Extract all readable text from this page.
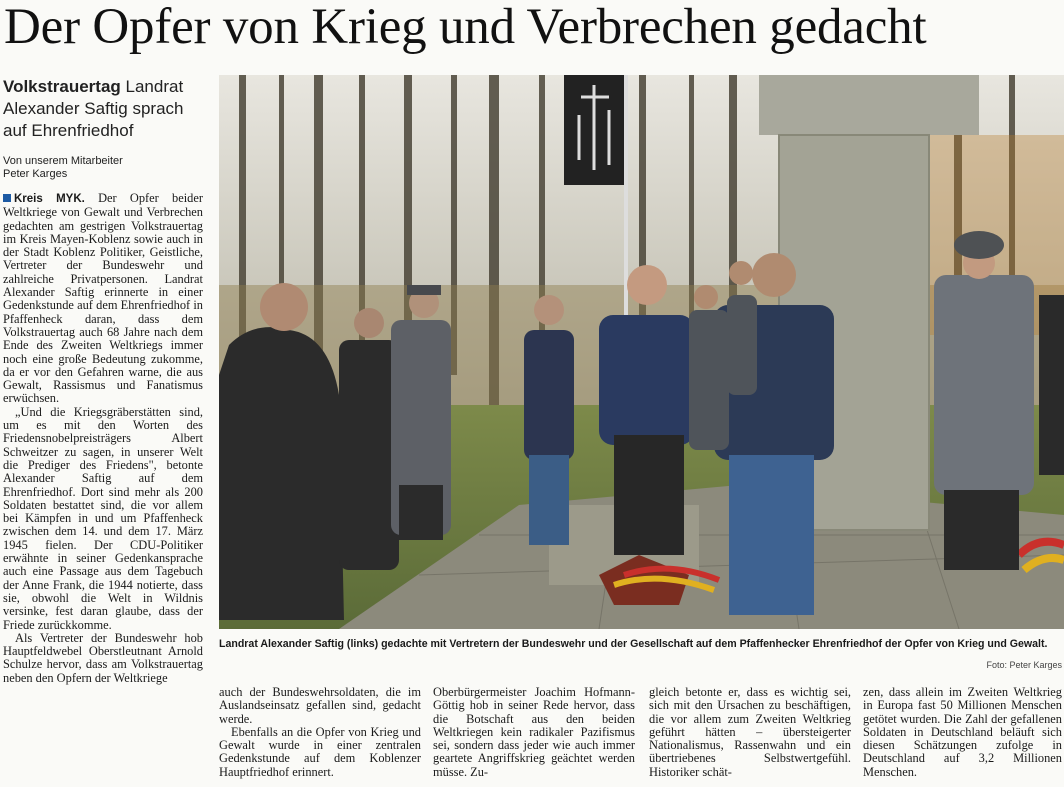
Der Opfer von Krieg und Verbrechen gedacht
Volkstrauertag Landrat Alexander Saftig sprach auf Ehrenfriedhof
Von unserem Mitarbeiter
Peter Karges

Kreis MYK. Der Opfer beider Weltkriege von Gewalt und Verbrechen gedachten am gestrigen Volkstrauertag im Kreis Mayen-Koblenz sowie auch in der Stadt Koblenz Politiker, Geistliche, Vertreter der Bundeswehr und zahlreiche Privatpersonen. Landrat Alexander Saftig erinnerte in einer Gedenkstunde auf dem Ehrenfriedhof in Pfaffenheck daran, dass dem Volkstrauertag auch 68 Jahre nach dem Ende des Zweiten Weltkriegs immer noch eine große Bedeutung zukomme, da er vor den Gefahren warne, die aus Gewalt, Rassismus und Fanatismus erwüchsen.

„Und die Kriegsgräberstätten sind, um es mit den Worten des Friedensnobelpreisträgers Albert Schweitzer zu sagen, in unserer Welt die Prediger des Friedens", betonte Alexander Saftig auf dem Ehrenfriedhof. Dort sind mehr als 200 Soldaten bestattet sind, die vor allem bei Kämpfen in und um Pfaffenheck zwischen dem 14. und dem 17. März 1945 fielen. Der CDU-Politiker erwähnte in seiner Gedenkansprache auch eine Passage aus dem Tagebuch der Anne Frank, die 1944 notierte, dass sie, obwohl die Welt in Wildnis versinke, fest daran glaube, dass der Friede zurückkomme.

Als Vertreter der Bundeswehr hob Hauptfeldwebel Oberstleutnant Arnold Schulze hervor, dass am Volkstrauertag neben den Opfern der Weltkriege

Landrat Alexander Saftig (links) gedachte mit Vertretern der Bundeswehr und der Gesellschaft auf dem Pfaffenhecker Ehrenfriedhof der Opfer von Krieg und Gewalt.
Foto: Peter Karges

auch der Bundeswehrsoldaten, die im Auslandseinsatz gefallen sind, gedacht werde.

Ebenfalls an die Opfer von Krieg und Gewalt wurde in einer zentralen Gedenkstunde auf dem Koblenzer Hauptfriedhof erinnert.

Oberbürgermeister Joachim Hofmann-Göttig hob in seiner Rede hervor, dass die Botschaft aus den beiden Weltkriegen kein radikaler Pazifismus sei, sondern dass jeder wie auch immer geartete Angriffskrieg geächtet werden müsse. Zu-

gleich betonte er, dass es wichtig sei, sich mit den Ursachen zu beschäftigen, die vor allem zum Zweiten Weltkrieg geführt hätten – übersteigerter Nationalismus, Rassenwahn und ein übertriebenes Selbstwertgefühl. Historiker schät-

zen, dass allein im Zweiten Weltkrieg in Europa fast 50 Millionen Menschen getötet wurden. Die Zahl der gefallenen Soldaten in Deutschland beläuft sich diesen Schätzungen zufolge in Deutschland auf 3,2 Millionen Menschen.
